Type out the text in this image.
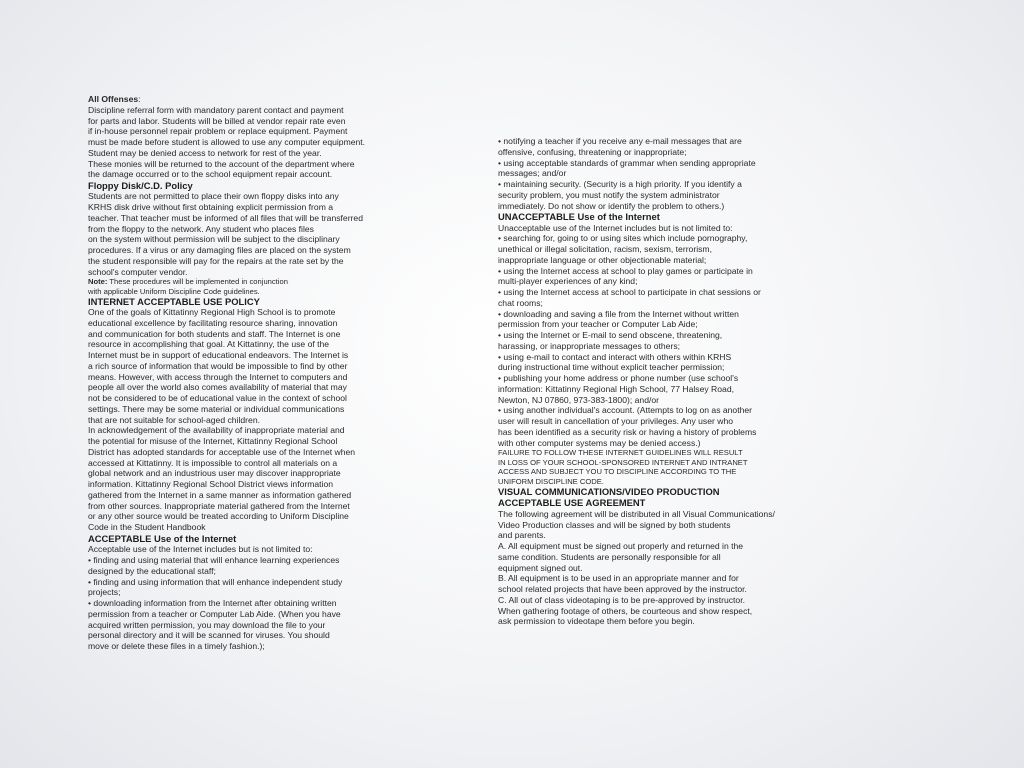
All Offenses:
Discipline referral form with mandatory parent contact and payment
for parts and labor. Students will be billed at vendor repair rate even
if in-house personnel repair problem or replace equipment. Payment
must be made before student is allowed to use any computer equipment.
Student may be denied access to network for rest of the year.
These monies will be returned to the account of the department where
the damage occurred or to the school equipment repair account.
Floppy Disk/C.D. Policy
Students are not permitted to place their own floppy disks into any
KRHS disk drive without first obtaining explicit permission from a
teacher. That teacher must be informed of all files that will be transferred
from the floppy to the network. Any student who places files
on the system without permission will be subject to the disciplinary
procedures. If a virus or any damaging files are placed on the system
the student responsible will pay for the repairs at the rate set by the
school's computer vendor.
Note: These procedures will be implemented in conjunction
with applicable Uniform Discipline Code guidelines.
INTERNET ACCEPTABLE USE POLICY
One of the goals of Kittatinny Regional High School is to promote
educational excellence by facilitating resource sharing, innovation
and communication for both students and staff. The Internet is one
resource in accomplishing that goal. At Kittatinny, the use of the
Internet must be in support of educational endeavors. The Internet is
a rich source of information that would be impossible to find by other
means. However, with access through the Internet to computers and
people all over the world also comes availability of material that may
not be considered to be of educational value in the context of school
settings. There may be some material or individual communications
that are not suitable for school-aged children.
In acknowledgement of the availability of inappropriate material and
the potential for misuse of the Internet, Kittatinny Regional School
District has adopted standards for acceptable use of the Internet when
accessed at Kittatinny. It is impossible to control all materials on a
global network and an industrious user may discover inappropriate
information. Kittatinny Regional School District views information
gathered from the Internet in a same manner as information gathered
from other sources. Inappropriate material gathered from the Internet
or any other source would be treated according to Uniform Discipline
Code in the Student Handbook
ACCEPTABLE Use of the Internet
Acceptable use of the Internet includes but is not limited to:
• finding and using material that will enhance learning experiences
designed by the educational staff;
• finding and using information that will enhance independent study
projects;
• downloading information from the Internet after obtaining written
permission from a teacher or Computer Lab Aide. (When you have
acquired written permission, you may download the file to your
personal directory and it will be scanned for viruses. You should
move or delete these files in a timely fashion.);
• notifying a teacher if you receive any e-mail messages that are
offensive, confusing, threatening or inappropriate;
• using acceptable standards of grammar when sending appropriate
messages; and/or
• maintaining security. (Security is a high priority. If you identify a
security problem, you must notify the system administrator
immediately. Do not show or identify the problem to others.)
UNACCEPTABLE Use of the Internet
Unacceptable use of the Internet includes but is not limited to:
• searching for, going to or using sites which include pornography,
unethical or illegal solicitation, racism, sexism, terrorism,
inappropriate language or other objectionable material;
• using the Internet access at school to play games or participate in
multi-player experiences of any kind;
• using the Internet access at school to participate in chat sessions or
chat rooms;
• downloading and saving a file from the Internet without written
permission from your teacher or Computer Lab Aide;
• using the Internet or E-mail to send obscene, threatening,
harassing, or inappropriate messages to others;
• using e-mail to contact and interact with others within KRHS
during instructional time without explicit teacher permission;
• publishing your home address or phone number (use school's
information: Kittatinny Regional High School, 77 Halsey Road,
Newton, NJ 07860, 973-383-1800); and/or
• using another individual's account. (Attempts to log on as another
user will result in cancellation of your privileges. Any user who
has been identified as a security risk or having a history of problems
with other computer systems may be denied access.)
FAILURE TO FOLLOW THESE INTERNET GUIDELINES WILL RESULT
IN LOSS OF YOUR SCHOOL-SPONSORED INTERNET AND INTRANET
ACCESS AND SUBJECT YOU TO DISCIPLINE ACCORDING TO THE
UNIFORM DISCIPLINE CODE.
VISUAL COMMUNICATIONS/VIDEO PRODUCTION
ACCEPTABLE USE AGREEMENT
The following agreement will be distributed in all Visual Communications/
Video Production classes and will be signed by both students
and parents.
A. All equipment must be signed out properly and returned in the
same condition. Students are personally responsible for all
equipment signed out.
B. All equipment is to be used in an appropriate manner and for
school related projects that have been approved by the instructor.
C. All out of class videotaping is to be pre-approved by instructor.
When gathering footage of others, be courteous and show respect,
ask permission to videotape them before you begin.
